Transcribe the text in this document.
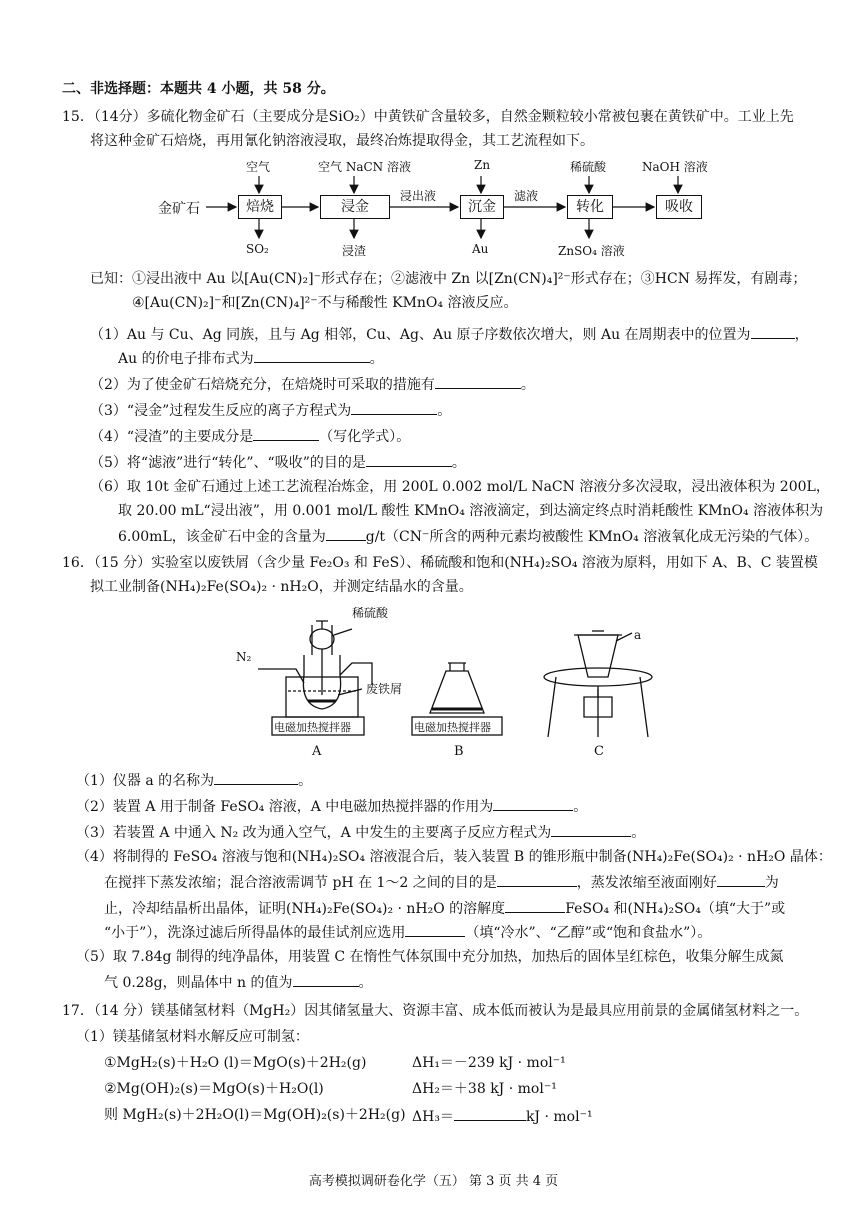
二、非选择题：本题共 4 小题，共 58 分。
15．（14分）多硫化物金矿石（主要成分是SiO₂）中黄铁矿含量较多，自然金颗粒较小常被包裹在黄铁矿中。工业上先
将这种金矿石焙烧，再用氰化钠溶液浸取，最终冶炼提取得金，其工艺流程如下。
金矿石	焙烧	浸金	沉金	转化	吸收
空气	空气 NaCN 溶液	Zn	稀硫酸	NaOH 溶液
SO₂	浸渣	Au	ZnSO₄ 溶液
浸出液	滤液
已知：①浸出液中 Au 以[Au(CN)₂]⁻形式存在；②滤液中 Zn 以[Zn(CN)₄]²⁻形式存在；③HCN 易挥发，有剧毒；
④[Au(CN)₂]⁻和[Zn(CN)₄]²⁻不与稀酸性 KMnO₄ 溶液反应。
（1）Au 与 Cu、Ag 同族，且与 Ag 相邻，Cu、Ag、Au 原子序数依次增大，则 Au 在周期表中的位置为	，
Au 的价电子排布式为	。
（2）为了使金矿石焙烧充分，在焙烧时可采取的措施有	。
（3）“浸金”过程发生反应的离子方程式为	。
（4）“浸渣”的主要成分是	（写化学式）。
（5）将“滤液”进行“转化”、“吸收”的目的是	。
（6）取 10t 金矿石通过上述工艺流程冶炼金，用 200L 0.002 mol/L NaCN 溶液分多次浸取，浸出液体积为 200L，
取 20.00 mL“浸出液”，用 0.001 mol/L 酸性 KMnO₄ 溶液滴定，到达滴定终点时消耗酸性 KMnO₄ 溶液体积为
6.00mL，该金矿石中金的含量为	g/t（CN⁻所含的两种元素均被酸性 KMnO₄ 溶液氧化成无污染的气体）。
16．（15 分）实验室以废铁屑（含少量 Fe₂O₃ 和 FeS）、稀硫酸和饱和(NH₄)₂SO₄ 溶液为原料，用如下 A、B、C 装置模
拟工业制备(NH₄)₂Fe(SO₄)₂ · nH₂O，并测定结晶水的含量。
稀硫酸
N₂
废铁屑
电磁加热搅拌器	电磁加热搅拌器
a
A	B	C
（1）仪器 a 的名称为	。
（2）装置 A 用于制备 FeSO₄ 溶液，A 中电磁加热搅拌器的作用为	。
（3）若装置 A 中通入 N₂ 改为通入空气，A 中发生的主要离子反应方程式为	。
（4）将制得的 FeSO₄ 溶液与饱和(NH₄)₂SO₄ 溶液混合后，装入装置 B 的锥形瓶中制备(NH₄)₂Fe(SO₄)₂ · nH₂O 晶体：
在搅拌下蒸发浓缩；混合溶液需调节 pH 在 1～2 之间的目的是	，蒸发浓缩至液面刚好	为
止，冷却结晶析出晶体，证明(NH₄)₂Fe(SO₄)₂ · nH₂O 的溶解度	FeSO₄ 和(NH₄)₂SO₄（填“大于”或
“小于”），洗涤过滤后所得晶体的最佳试剂应选用	（填“冷水”、“乙醇”或“饱和食盐水”）。
（5）取 7.84g 制得的纯净晶体，用装置 C 在惰性气体氛围中充分加热，加热后的固体呈红棕色，收集分解生成氮
气 0.28g，则晶体中 n 的值为	。
17．（14 分）镁基储氢材料（MgH₂）因其储氢量大、资源丰富、成本低而被认为是最具应用前景的金属储氢材料之一。
（1）镁基储氢材料水解反应可制氢：
①MgH₂(s)＋H₂O (l)＝MgO(s)＋2H₂(g)	ΔH₁＝－239 kJ · mol⁻¹
②Mg(OH)₂(s)＝MgO(s)＋H₂O(l)	ΔH₂＝＋38 kJ · mol⁻¹
则 MgH₂(s)＋2H₂O(l)＝Mg(OH)₂(s)＋2H₂(g) ΔH₃＝	kJ · mol⁻¹
高考模拟调研卷化学（五） 第 3 页 共 4 页
